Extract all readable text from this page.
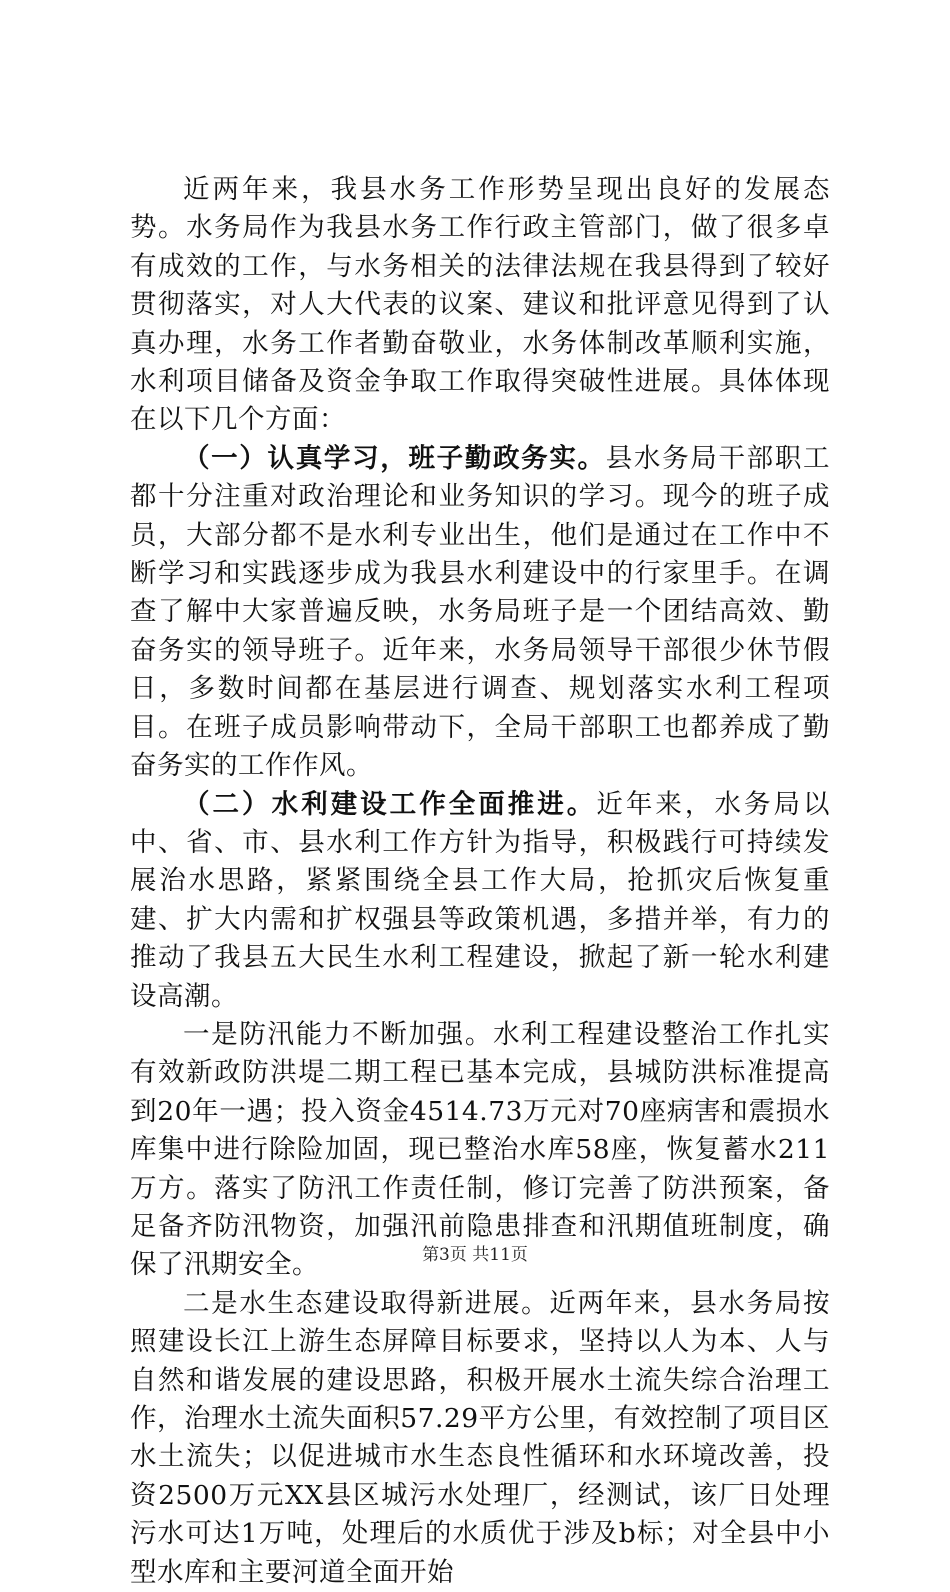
近两年来，我县水务工作形势呈现出良好的发展态势。水务局作为我县水务工作行政主管部门，做了很多卓有成效的工作，与水务相关的法律法规在我县得到了较好贯彻落实，对人大代表的议案、建议和批评意见得到了认真办理，水务工作者勤奋敬业，水务体制改革顺利实施，水利项目储备及资金争取工作取得突破性进展。具体体现在以下几个方面：

（一）认真学习，班子勤政务实。县水务局干部职工都十分注重对政治理论和业务知识的学习。现今的班子成员，大部分都不是水利专业出生，他们是通过在工作中不断学习和实践逐步成为我县水利建设中的行家里手。在调查了解中大家普遍反映，水务局班子是一个团结高效、勤奋务实的领导班子。近年来，水务局领导干部很少休节假日，多数时间都在基层进行调查、规划落实水利工程项目。在班子成员影响带动下，全局干部职工也都养成了勤奋务实的工作作风。

（二）水利建设工作全面推进。近年来，水务局以中、省、市、县水利工作方针为指导，积极践行可持续发展治水思路，紧紧围绕全县工作大局，抢抓灾后恢复重建、扩大内需和扩权强县等政策机遇，多措并举，有力的推动了我县五大民生水利工程建设，掀起了新一轮水利建设高潮。

一是防汛能力不断加强。水利工程建设整治工作扎实有效新政防洪堤二期工程已基本完成，县城防洪标准提高到20年一遇；投入资金4514.73万元对70座病害和震损水库集中进行除险加固，现已整治水库58座，恢复蓄水211万方。落实了防汛工作责任制，修订完善了防洪预案，备足备齐防汛物资，加强汛前隐患排查和汛期值班制度，确保了汛期安全。

二是水生态建设取得新进展。近两年来，县水务局按照建设长江上游生态屏障目标要求，坚持以人为本、人与自然和谐发展的建设思路，积极开展水土流失综合治理工作，治理水土流失面积57.29平方公里，有效控制了项目区水土流失；以促进城市水生态良性循环和水环境改善，投资2500万元XX县区城污水处理厂，经测试，该厂日处理污水可达1万吨，处理后的水质优于涉及b标；对全县中小型水库和主要河道全面开始

第3页 共11页
